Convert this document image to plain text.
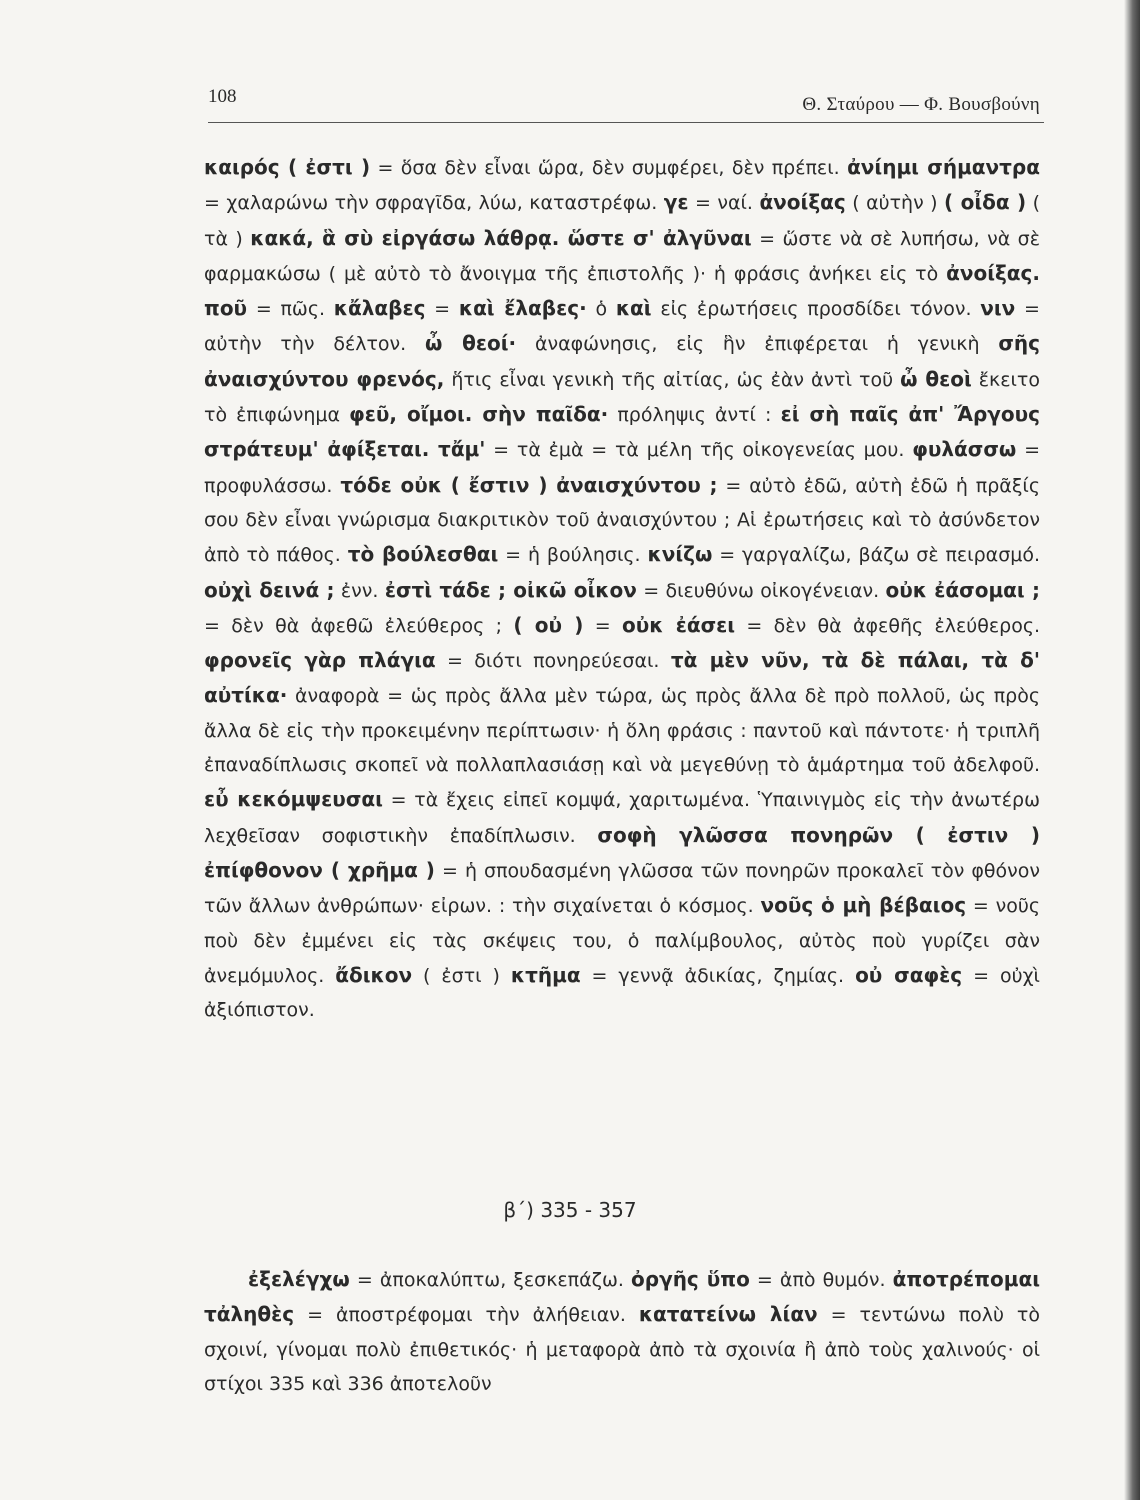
108	Θ. Σταύρου — Φ. Βουσβούνη

καιρός ( ἐστι ) = ὅσα δὲν εἶναι ὥρα, δὲν συμφέρει, δὲν πρέπει. ἀνίημι σήμαντρα = χαλαρώνω τὴν σφραγῖδα, λύω, καταστρέφω. γε = ναί. ἀνοίξας ( αὐτὴν ) ( οἶδα ) ( τὰ ) κακά, ἃ σὺ εἰργάσω λάθρᾳ. ὥστε σ' ἀλγῦναι = ὥστε νὰ σὲ λυπήσω, νὰ σὲ φαρμακώσω ( μὲ αὐτὸ τὸ ἄνοιγμα τῆς ἐπιστολῆς )· ἡ φράσις ἀνήκει εἰς τὸ ἀνοίξας. ποῦ = πῶς. κἄλαβες = καὶ ἔλαβες· ὁ καὶ εἰς ἐρωτήσεις προσδίδει τόνον. νιν = αὐτὴν τὴν δέλτον. ὦ θεοί· ἀναφώνησις, εἰς ἣν ἐπιφέρεται ἡ γενικὴ σῆς ἀναισχύντου φρενός, ἥτις εἶναι γενικὴ τῆς αἰτίας, ὡς ἐὰν ἀντὶ τοῦ ὦ θεοὶ ἔκειτο τὸ ἐπιφώνημα φεῦ, οἴμοι. σὴν παῖδα· πρόληψις ἀντί : εἰ σὴ παῖς ἀπ' Ἄργους στράτευμ' ἀφίξεται. τἄμ' = τὰ ἐμὰ = τὰ μέλη τῆς οἰκογενείας μου. φυλάσσω = προφυλάσσω. τόδε οὐκ ( ἔστιν ) ἀναισχύντου ; = αὐτὸ ἐδῶ, αὐτὴ ἐδῶ ἡ πρᾶξίς σου δὲν εἶναι γνώρισμα διακριτικὸν τοῦ ἀναισχύντου ; Αἱ ἐρωτήσεις καὶ τὸ ἀσύνδετον ἀπὸ τὸ πάθος. τὸ βούλεσθαι = ἡ βούλησις. κνίζω = γαργαλίζω, βάζω σὲ πειρασμό. οὐχὶ δεινά ; ἐνν. ἐστὶ τάδε ; οἰκῶ οἶκον = διευθύνω οἰκογένειαν. οὐκ ἐάσομαι ; = δὲν θὰ ἀφεθῶ ἐλεύθερος ; ( οὐ ) = οὐκ ἐάσει = δὲν θὰ ἀφεθῆς ἐλεύθερος. φρονεῖς γὰρ πλάγια = διότι πονηρεύεσαι. τὰ μὲν νῦν, τὰ δὲ πάλαι, τὰ δ' αὐτίκα· ἀναφορὰ = ὡς πρὸς ἄλλα μὲν τώρα, ὡς πρὸς ἄλλα δὲ πρὸ πολλοῦ, ὡς πρὸς ἄλλα δὲ εἰς τὴν προκειμένην περίπτωσιν· ἡ ὅλη φράσις : παντοῦ καὶ πάντοτε· ἡ τριπλῆ ἐπαναδίπλωσις σκοπεῖ νὰ πολλαπλασιάσῃ καὶ νὰ μεγεθύνῃ τὸ ἁμάρτημα τοῦ ἀδελφοῦ. εὖ κεκόμψευσαι = τὰ ἔχεις εἰπεῖ κομψά, χαριτωμένα. Ὑπαινιγμὸς εἰς τὴν ἀνωτέρω λεχθεῖσαν σοφιστικὴν ἐπαδίπλωσιν. σοφὴ γλῶσσα πονηρῶν ( ἐστιν ) ἐπίφθονον ( χρῆμα ) = ἡ σπουδασμένη γλῶσσα τῶν πονηρῶν προκαλεῖ τὸν φθόνον τῶν ἄλλων ἀνθρώπων· εἰρων. : τὴν σιχαίνεται ὁ κόσμος. νοῦς ὁ μὴ βέβαιος = νοῦς ποὺ δὲν ἐμμένει εἰς τὰς σκέψεις του, ὁ παλίμβουλος, αὐτὸς ποὺ γυρίζει σὰν ἀνεμόμυλος. ἄδικον ( ἐστι ) κτῆμα = γεννᾷ ἀδικίας, ζημίας. οὐ σαφὲς = οὐχὶ ἀξιόπιστον.

β΄) 335 - 357

ἐξελέγχω = ἀποκαλύπτω, ξεσκεπάζω. ὀργῆς ὕπο = ἀπὸ θυμόν. ἀποτρέπομαι τἀληθὲς = ἀποστρέφομαι τὴν ἀλήθειαν. κατατείνω λίαν = τεντώνω πολὺ τὸ σχοινί, γίνομαι πολὺ ἐπιθετικός· ἡ μεταφορὰ ἀπὸ τὰ σχοινία ἢ ἀπὸ τοὺς χαλινούς· οἱ στίχοι 335 καὶ 336 ἀποτελοῦν
